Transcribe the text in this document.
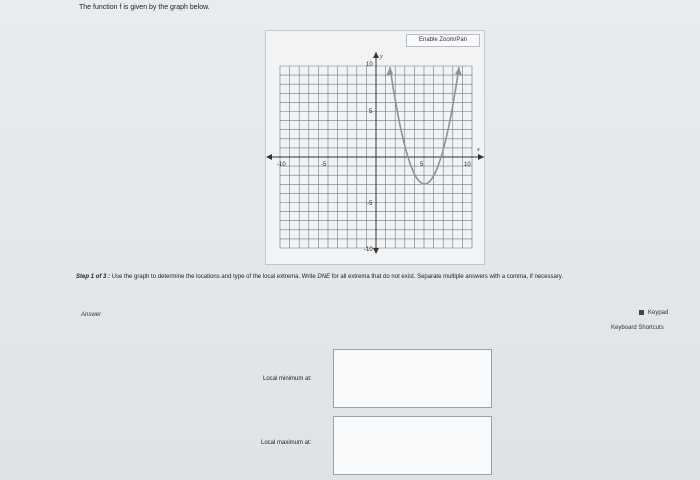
The function f is given by the graph below.
Enable Zoom/Pan
x
y
-10	-5	5	10
10
5
-5
-10
Step 1 of 3 : Use the graph to determine the locations and type of the local extrema. Write DNE for all extrema that do not exist. Separate multiple answers with a comma, if necessary.
Answer	Keypad
Keyboard Shortcuts
Local minimum at:
Local maximum at:
